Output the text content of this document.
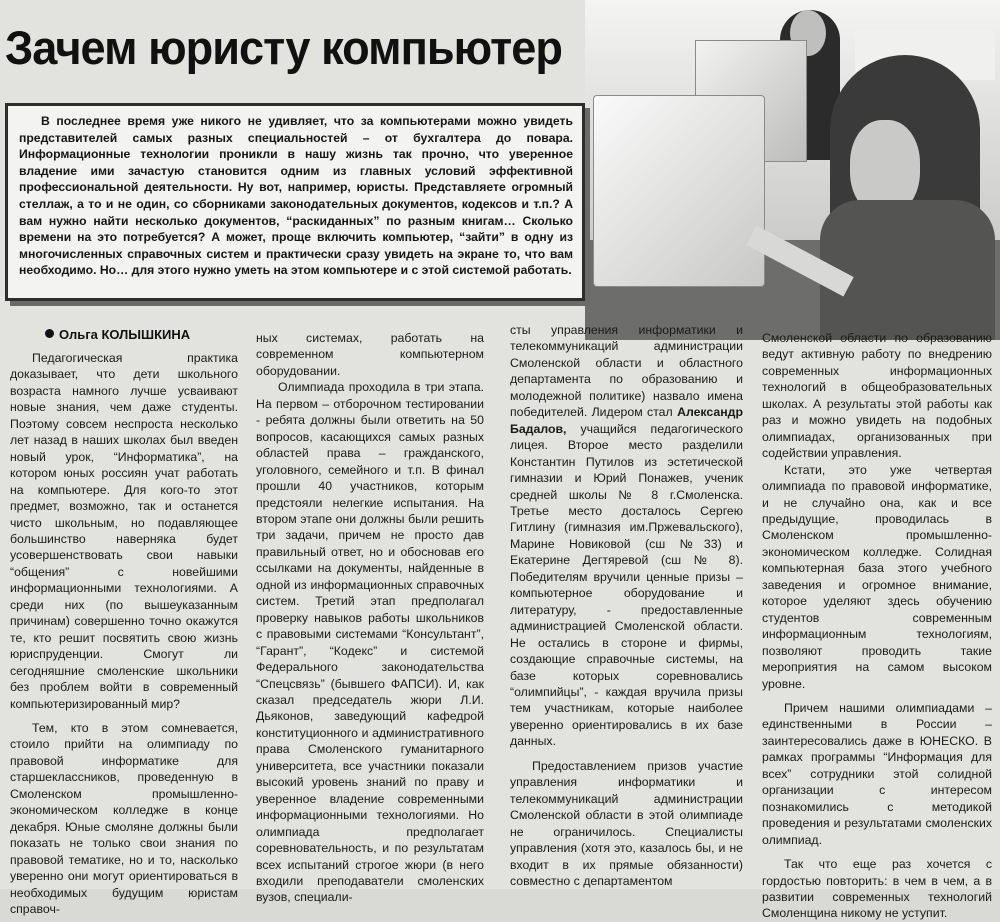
Зачем юристу компьютер

В последнее время уже никого не удивляет, что за компьютерами можно увидеть представителей самых разных специальностей – от бухгалтера до повара. Информационные технологии проникли в нашу жизнь так прочно, что уверенное владение ими зачастую становится одним из главных условий эффективной профессиональной деятельности. Ну вот, например, юристы. Представляете огромный стеллаж, а то и не один, со сборниками законодательных документов, кодексов и т.п.? А вам нужно найти несколько документов, “раскиданных” по разным книгам… Сколько времени на это потребуется? А может, проще включить компьютер, “зайти” в одну из многочисленных справочных систем и практически сразу увидеть на экране то, что вам необходимо. Но… для этого нужно уметь на этом компьютере и с этой системой работать.

Ольга КОЛЫШКИНА

Педагогическая практика доказывает, что дети школьного возраста намного лучше усваивают новые знания, чем даже студенты. Поэтому совсем неспроста несколько лет назад в наших школах был введен новый урок, “Информатика”, на котором юных россиян учат работать на компьютере. Для кого-то этот предмет, возможно, так и останется чисто школьным, но подавляющее большинство наверняка будет усовершенствовать свои навыки “общения” с новейшими информационными технологиями. А среди них (по вышеуказанным причинам) совершенно точно окажутся те, кто решит посвятить свою жизнь юриспруденции. Смогут ли сегодняшние смоленские школьники без проблем войти в современный компьютеризированный мир?

Тем, кто в этом сомневается, стоило прийти на олимпиаду по правовой информатике для старшеклассников, проведенную в Смоленском промышленно-экономическом колледже в конце декабря. Юные смоляне должны были показать не только свои знания по правовой тематике, но и то, насколько уверенно они могут ориентироваться в необходимых будущим юристам справоч-

ных системах, работать на современном компьютерном оборудовании.

Олимпиада проходила в три этапа. На первом – отборочном тестировании - ребята должны были ответить на 50 вопросов, касающихся самых разных областей права – гражданского, уголовного, семейного и т.п. В финал прошли 40 участников, которым предстояли нелегкие испытания. На втором этапе они должны были решить три задачи, причем не просто дав правильный ответ, но и обосновав его ссылками на документы, найденные в одной из информационных справочных систем. Третий этап предполагал проверку навыков работы школьников с правовыми системами “Консультант”, “Гарант”, “Кодекс” и системой Федерального законодательства “Спецсвязь” (бывшего ФАПСИ). И, как сказал председатель жюри Л.И. Дьяконов, заведующий кафедрой конституционного и административного права Смоленского гуманитарного университета, все участники показали высокий уровень знаний по праву и уверенное владение современными информационными технологиями. Но олимпиада предполагает соревновательность, и по результатам всех испытаний строгое жюри (в него входили преподаватели смоленских вузов, специали-

сты управления информатики и телекоммуникаций администрации Смоленской области и областного департамента по образованию и молодежной политике) назвало имена победителей. Лидером стал Александр Бадалов, учащийся педагогического лицея. Второе место разделили Константин Путилов из эстетической гимназии и Юрий Понажев, ученик средней школы № 8 г.Смоленска. Третье место досталось Сергею Гитлину (гимназия им.Пржевальского), Марине Новиковой (сш №33) и Екатерине Дегтяревой (сш № 8). Победителям вручили ценные призы – компьютерное оборудование и литературу, - предоставленные администрацией Смоленской области. Не остались в стороне и фирмы, создающие справочные системы, на базе которых соревновались “олимпийцы”, - каждая вручила призы тем участникам, которые наиболее уверенно ориентировались в их базе данных.

Предоставлением призов участие управления информатики и телекоммуникаций администрации Смоленской области в этой олимпиаде не ограничилось. Специалисты управления (хотя это, казалось бы, и не входит в их прямые обязанности) совместно с департаментом

Смоленской области по образованию ведут активную работу по внедрению современных информационных технологий в общеобразовательных школах. А результаты этой работы как раз и можно увидеть на подобных олимпиадах, организованных при содействии управления.

Кстати, это уже четвертая олимпиада по правовой информатике, и не случайно она, как и все предыдущие, проводилась в Смоленском промышленно-экономическом колледже. Солидная компьютерная база этого учебного заведения и огромное внимание, которое уделяют здесь обучению студентов современным информационным технологиям, позволяют проводить такие мероприятия на самом высоком уровне.

Причем нашими олимпиадами – единственными в России – заинтересовались даже в ЮНЕСКО. В рамках программы “Информация для всех” сотрудники этой солидной организации с интересом познакомились с методикой проведения и результатами смоленских олимпиад.

Так что еще раз хочется с гордостью повторить: в чем в чем, а в развитии современных технологий Смоленщина никому не уступит.
